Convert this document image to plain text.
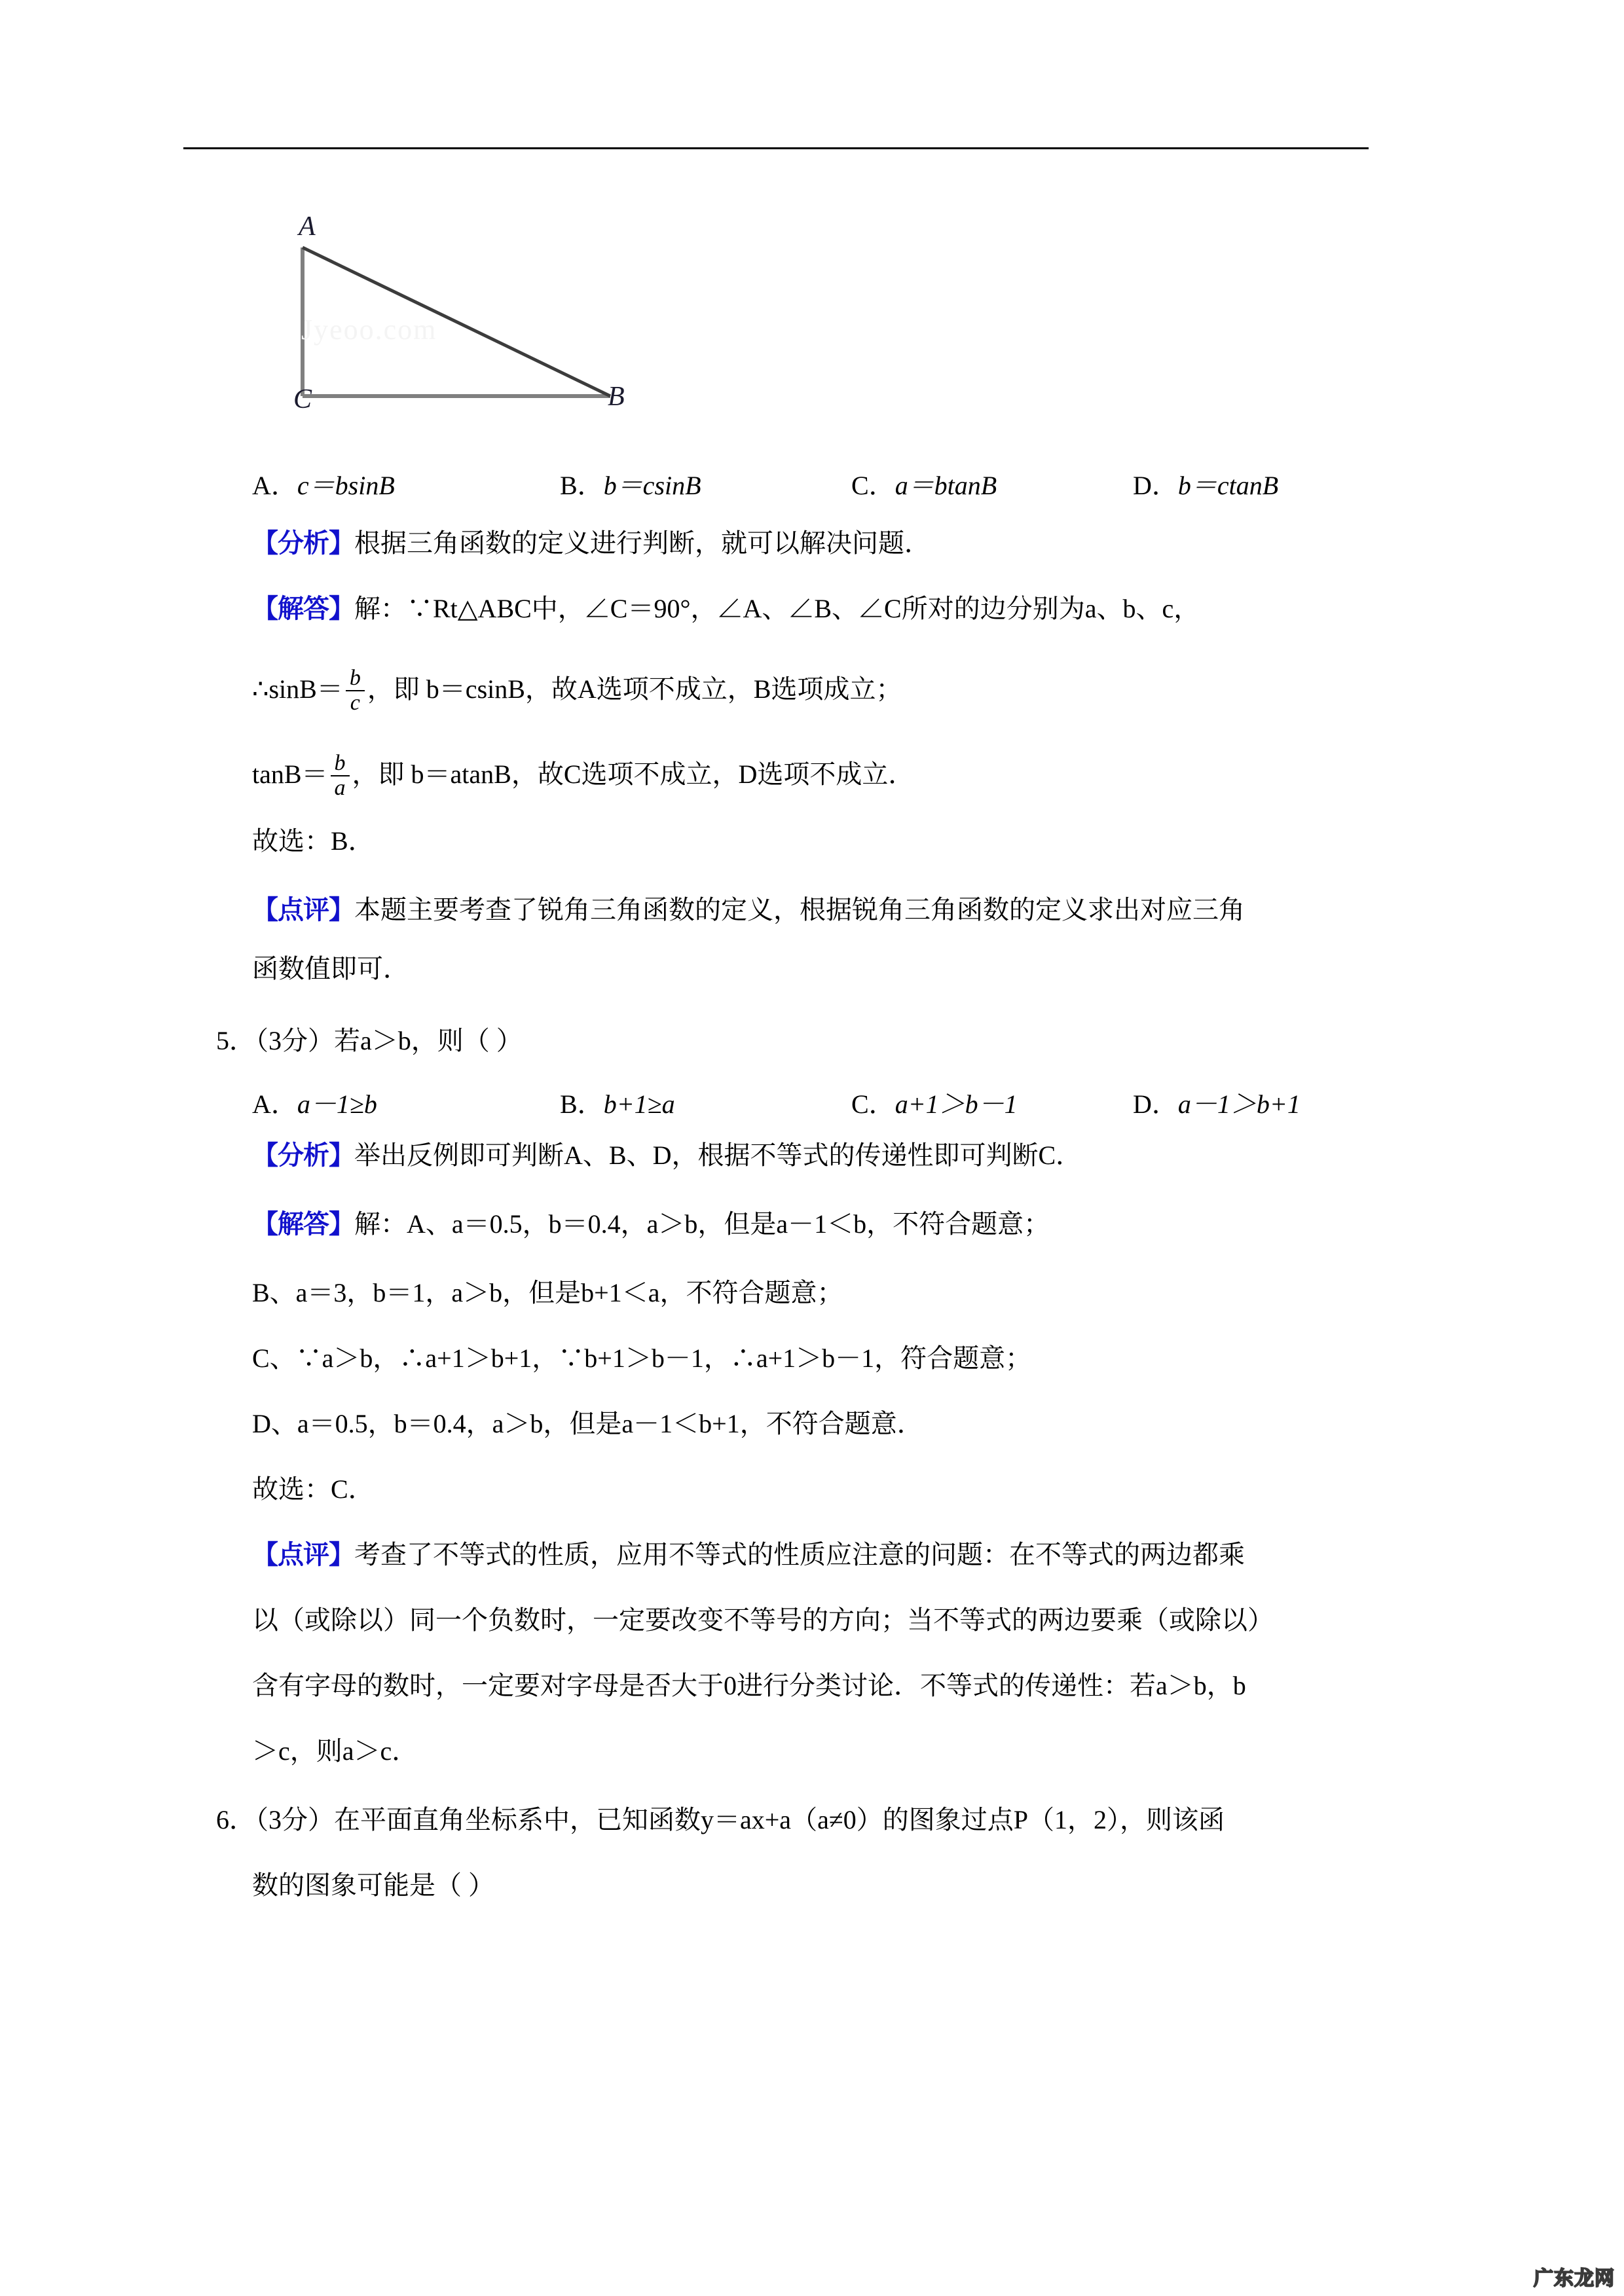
Jyeoo.com
A
C	B
A．c＝bsinB	B．b＝csinB	C．a＝btanB	D．b＝ctanB
【分析】根据三角函数的定义进行判断，就可以解决问题．
【解答】解：∵Rt△ABC中，∠C＝90°，∠A、∠B、∠C所对的边分别为a、b、c，
∴sinB＝ $\frac{b}{c}$ ，即 b＝csinB，故A选项不成立，B选项成立；
$\tan B= \frac{b}{a}$ ，即 b＝atanB，故C选项不成立，D选项不成立．
故选：B．
【点评】本题主要考查了锐角三角函数的定义，根据锐角三角函数的定义求出对应三角
函数值即可．
5．（3分）若a＞b，则（ ）
A．a－1≥b	B．b+1≥a	C．a+1＞b－1	D．a－1＞b+1
【分析】举出反例即可判断A、B、D，根据不等式的传递性即可判断C．
【解答】解：A、a＝0.5，b＝0.4，a＞b，但是a－1＜b，不符合题意；
B、a＝3，b＝1，a＞b，但是b+1＜a，不符合题意；
C、∵a＞b，∴a+1＞b+1，∵b+1＞b－1，∴a+1＞b－1，符合题意；
D、a＝0.5，b＝0.4，a＞b，但是a－1＜b+1，不符合题意．
故选：C．
【点评】考查了不等式的性质，应用不等式的性质应注意的问题：在不等式的两边都乘
以（或除以）同一个负数时，一定要改变不等号的方向；当不等式的两边要乘（或除以）
含有字母的数时，一定要对字母是否大于0进行分类讨论．不等式的传递性：若a＞b，b
＞c，则a＞c．
6．（3分）在平面直角坐标系中，已知函数y＝ax+a（a≠0）的图象过点P（1，2），则该函
数的图象可能是（ ）
广东龙网
